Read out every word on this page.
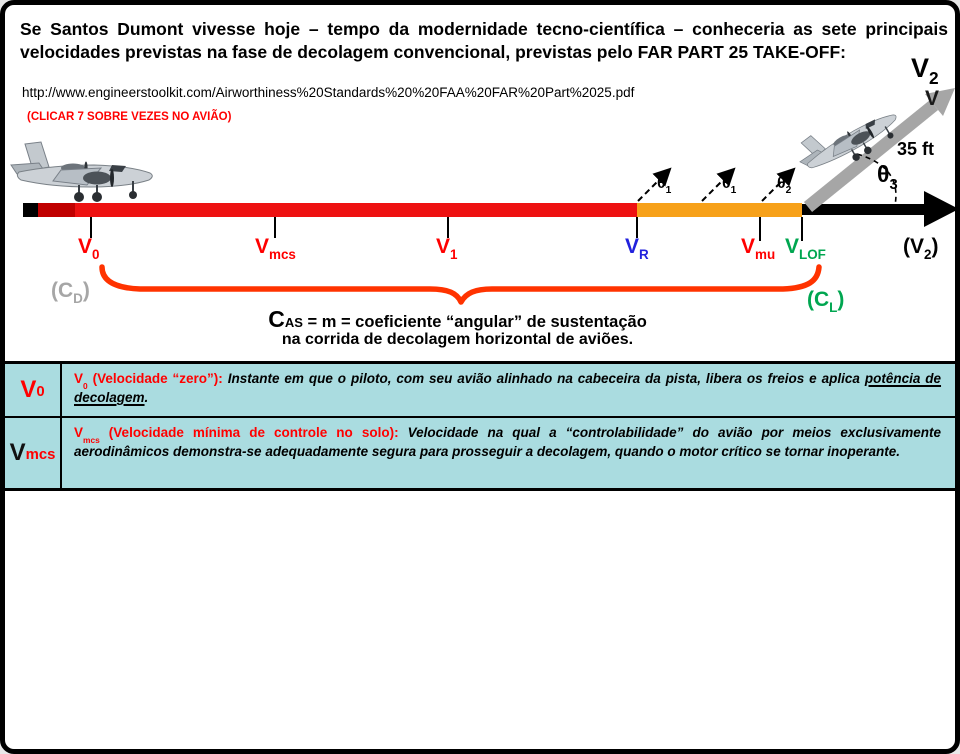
Se Santos Dumont vivesse hoje – tempo da modernidade tecno-científica – conheceria as sete principais
velocidades previstas na fase de decolagem convencional, previstas pelo FAR PART 25 TAKE-OFF:
http://www.engineerstoolkit.com/Airworthiness%20Standards%20%20FAA%20FAR%20Part%2025.pdf
(CLICAR 7 SOBRE VEZES NO AVIÃO)
$\theta_1$	$\theta_1$	$\theta_2$
$\theta_3$
$V_2$
V
35 ft
$V_0$	$V_{mcs}$	$V_1$	$V_R$	$V_{mu}$ $V_{LOF}$	$(V_2)$
$(C_D)$	$(C_L)$
CAS = m = coeficiente “angular” de sustentação
na corrida de decolagem horizontal de aviões.
$V_0$

$V_0$ (Velocidade “zero”): Instante em que o piloto, com seu avião alinhado na cabeceira da pista, libera os freios e aplica potência de decolagem.

$V_{mcs}$

$V_{mcs}$ (Velocidade mínima de controle no solo): Velocidade na qual a “controlabilidade” do avião por meios exclusivamente aerodinâmicos demonstra-se adequadamente segura para prosseguir a decolagem, quando o motor crítico se tornar inoperante.
